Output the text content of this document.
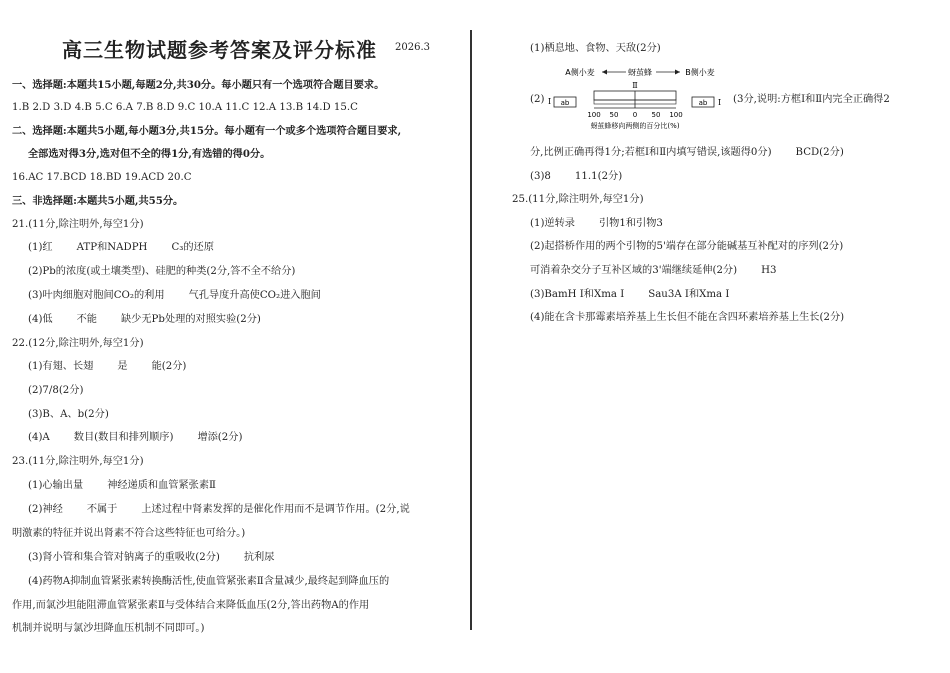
高三生物试题参考答案及评分标准 2026.3
一、选择题:本题共15小题,每题2分,共30分。每小题只有一个选项符合题目要求。
1.B 2.D 3.D 4.B 5.C 6.A 7.B 8.D 9.C 10.A 11.C 12.A 13.B 14.D 15.C
二、选择题:本题共5小题,每小题3分,共15分。每小题有一个或多个选项符合题目要求,
全部选对得3分,选对但不全的得1分,有选错的得0分。
16.AC 17.BCD 18.BD 19.ACD 20.C
三、非选择题:本题共5小题,共55分。
21.(11分,除注明外,每空1分)
(1)红 ATP和NADPH C₃的还原
(2)Pb的浓度(或土壤类型)、硅肥的种类(2分,答不全不给分)
(3)叶肉细胞对胞间CO₂的利用 气孔导度升高使CO₂进入胞间
(4)低 不能 缺少无Pb处理的对照实验(2分)
22.(12分,除注明外,每空1分)
(1)有翅、长翅 是 能(2分)
(2)7/8(2分)
(3)B、A、b(2分)
(4)A 数目(数目和排列顺序) 增添(2分)
23.(11分,除注明外,每空1分)
(1)心输出量 神经递质和血管紧张素Ⅱ
(2)神经 不属于 上述过程中肾素发挥的是催化作用而不是调节作用。(2分,说
明激素的特征并说出肾素不符合这些特征也可给分。)
(3)肾小管和集合管对钠离子的重吸收(2分) 抗利尿
(4)药物A抑制血管紧张素转换酶活性,使血管紧张素Ⅱ含量减少,最终起到降血压的
作用,而氯沙坦能阻滞血管紧张素Ⅱ与受体结合来降低血压(2分,答出药物A的作用
机制并说明与氯沙坦降血压机制不同即可。)
(1)栖息地、食物、天敌(2分)
A侧小麦	蚜茧蜂	B侧小麦
Ⅱ
Ⅰ ab	ab Ⅰ
100 50 0 50 100
蚜茧蜂移向两侧的百分比(%)
(2)	(3分,说明:方框Ⅰ和Ⅱ内完全正确得2
分,比例正确再得1分;若框Ⅰ和Ⅱ内填写错误,该题得0分) BCD(2分)
(3)8 11.1(2分)
25.(11分,除注明外,每空1分)
(1)逆转录 引物1和引物3
(2)起搭桥作用的两个引物的5'端存在部分能碱基互补配对的序列(2分)
可消着杂交分子互补区域的3'端继续延伸(2分) H3
(3)BamH Ⅰ和Xma Ⅰ Sau3A Ⅰ和Xma Ⅰ
(4)能在含卡那霉素培养基上生长但不能在含四环素培养基上生长(2分)
